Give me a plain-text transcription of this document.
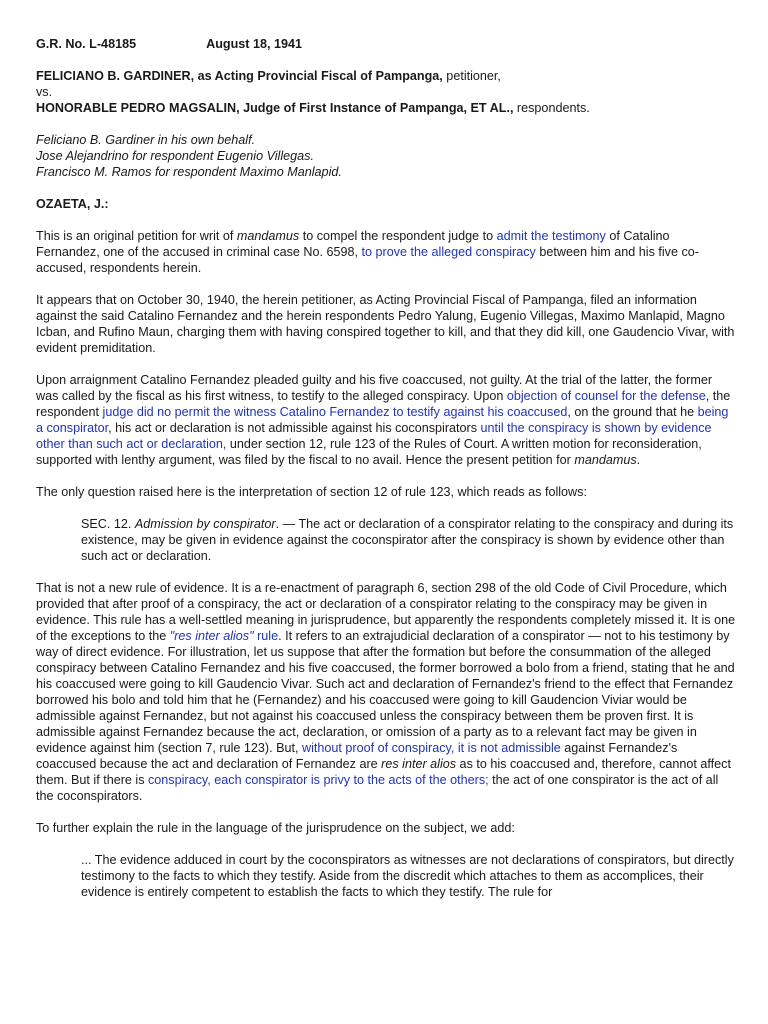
G.R. No. L-48185	August 18, 1941

FELICIANO B. GARDINER, as Acting Provincial Fiscal of Pampanga, petitioner,
vs.
HONORABLE PEDRO MAGSALIN, Judge of First Instance of Pampanga, ET AL., respondents.

Feliciano B. Gardiner in his own behalf.
Jose Alejandrino for respondent Eugenio Villegas.
Francisco M. Ramos for respondent Maximo Manlapid.

OZAETA, J.:

This is an original petition for writ of mandamus to compel the respondent judge to admit the testimony of Catalino Fernandez, one of the accused in criminal case No. 6598, to prove the alleged conspiracy between him and his five co-accused, respondents herein.

It appears that on October 30, 1940, the herein petitioner, as Acting Provincial Fiscal of Pampanga, filed an information against the said Catalino Fernandez and the herein respondents Pedro Yalung, Eugenio Villegas, Maximo Manlapid, Magno Icban, and Rufino Maun, charging them with having conspired together to kill, and that they did kill, one Gaudencio Vivar, with evident premiditation.

Upon arraignment Catalino Fernandez pleaded guilty and his five coaccused, not guilty. At the trial of the latter, the former was called by the fiscal as his first witness, to testify to the alleged conspiracy. Upon objection of counsel for the defense, the respondent judge did no permit the witness Catalino Fernandez to testify against his coaccused, on the ground that he being a conspirator, his act or declaration is not admissible against his coconspirators until the conspiracy is shown by evidence other than such act or declaration, under section 12, rule 123 of the Rules of Court. A written motion for reconsideration, supported with lenthy argument, was filed by the fiscal to no avail. Hence the present petition for mandamus.

The only question raised here is the interpretation of section 12 of rule 123, which reads as follows:

SEC. 12. Admission by conspirator. — The act or declaration of a conspirator relating to the conspiracy and during its existence, may be given in evidence against the coconspirator after the conspiracy is shown by evidence other than such act or declaration.

That is not a new rule of evidence. It is a re-enactment of paragraph 6, section 298 of the old Code of Civil Procedure, which provided that after proof of a conspiracy, the act or declaration of a conspirator relating to the conspiracy may be given in evidence. This rule has a well-settled meaning in jurisprudence, but apparently the respondents completely missed it. It is one of the exceptions to the "res inter alios" rule. It refers to an extrajudicial declaration of a conspirator — not to his testimony by way of direct evidence. For illustration, let us suppose that after the formation but before the consummation of the alleged conspiracy between Catalino Fernandez and his five coaccused, the former borrowed a bolo from a friend, stating that he and his coaccused were going to kill Gaudencio Vivar. Such act and declaration of Fernandez's friend to the effect that Fernandez borrowed his bolo and told him that he (Fernandez) and his coaccused were going to kill Gaudencion Viviar would be admissible against Fernandez, but not against his coaccused unless the conspiracy between them be proven first. It is admissible against Fernandez because the act, declaration, or omission of a party as to a relevant fact may be given in evidence against him (section 7, rule 123). But, without proof of conspiracy, it is not admissible against Fernandez's coaccused because the act and declaration of Fernandez are res inter alios as to his coaccused and, therefore, cannot affect them. But if there is conspiracy, each conspirator is privy to the acts of the others; the act of one conspirator is the act of all the coconspirators.

To further explain the rule in the language of the jurisprudence on the subject, we add:

... The evidence adduced in court by the coconspirators as witnesses are not declarations of conspirators, but directly testimony to the facts to which they testify. Aside from the discredit which attaches to them as accomplices, their evidence is entirely competent to establish the facts to which they testify. The rule for
